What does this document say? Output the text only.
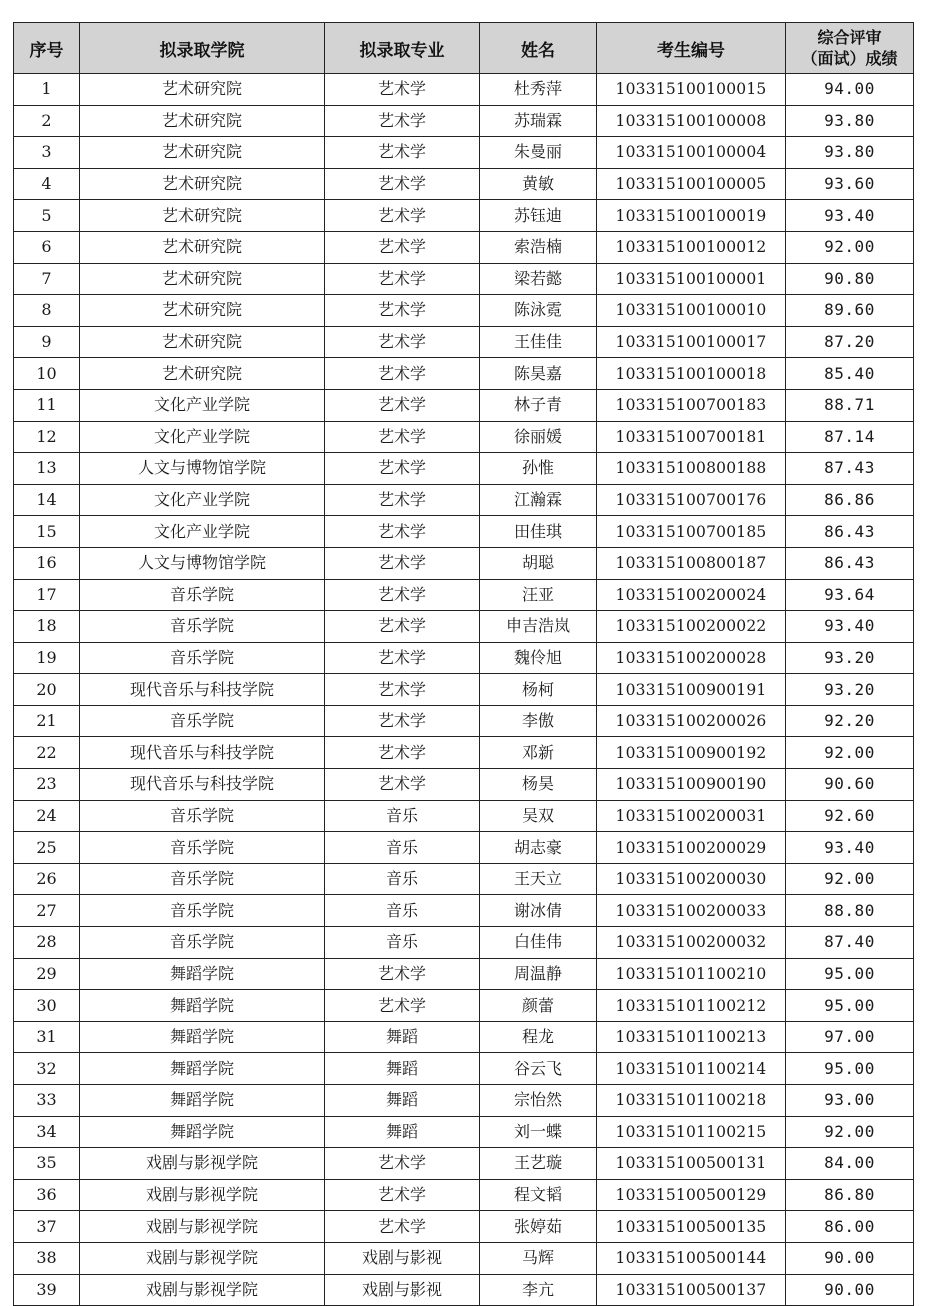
序号	拟录取学院	拟录取专业	姓名	考生编号	综合评审
（面试）成绩

1	艺术研究院	艺术学	杜秀萍	103315100100015	94.00
2	艺术研究院	艺术学	苏瑞霖	103315100100008	93.80
3	艺术研究院	艺术学	朱曼丽	103315100100004	93.80
4	艺术研究院	艺术学	黄敏	103315100100005	93.60
5	艺术研究院	艺术学	苏钰迪	103315100100019	93.40
6	艺术研究院	艺术学	索浩楠	103315100100012	92.00
7	艺术研究院	艺术学	梁若懿	103315100100001	90.80
8	艺术研究院	艺术学	陈泳霓	103315100100010	89.60
9	艺术研究院	艺术学	王佳佳	103315100100017	87.20
10	艺术研究院	艺术学	陈昊嘉	103315100100018	85.40
11	文化产业学院	艺术学	林子青	103315100700183	88.71
12	文化产业学院	艺术学	徐丽媛	103315100700181	87.14
13	人文与博物馆学院	艺术学	孙惟	103315100800188	87.43
14	文化产业学院	艺术学	江瀚霖	103315100700176	86.86
15	文化产业学院	艺术学	田佳琪	103315100700185	86.43
16	人文与博物馆学院	艺术学	胡聪	103315100800187	86.43
17	音乐学院	艺术学	汪亚	103315100200024	93.64
18	音乐学院	艺术学	申吉浩岚	103315100200022	93.40
19	音乐学院	艺术学	魏伶旭	103315100200028	93.20
20	现代音乐与科技学院	艺术学	杨柯	103315100900191	93.20
21	音乐学院	艺术学	李傲	103315100200026	92.20
22	现代音乐与科技学院	艺术学	邓新	103315100900192	92.00
23	现代音乐与科技学院	艺术学	杨昊	103315100900190	90.60
24	音乐学院	音乐	吴双	103315100200031	92.60
25	音乐学院	音乐	胡志豪	103315100200029	93.40
26	音乐学院	音乐	王天立	103315100200030	92.00
27	音乐学院	音乐	谢冰倩	103315100200033	88.80
28	音乐学院	音乐	白佳伟	103315100200032	87.40
29	舞蹈学院	艺术学	周温静	103315101100210	95.00
30	舞蹈学院	艺术学	颜蕾	103315101100212	95.00
31	舞蹈学院	舞蹈	程龙	103315101100213	97.00
32	舞蹈学院	舞蹈	谷云飞	103315101100214	95.00
33	舞蹈学院	舞蹈	宗怡然	103315101100218	93.00
34	舞蹈学院	舞蹈	刘一蝶	103315101100215	92.00
35	戏剧与影视学院	艺术学	王艺璇	103315100500131	84.00
36	戏剧与影视学院	艺术学	程文韬	103315100500129	86.80
37	戏剧与影视学院	艺术学	张婷茹	103315100500135	86.00
38	戏剧与影视学院	戏剧与影视	马辉	103315100500144	90.00
39	戏剧与影视学院	戏剧与影视	李亢	103315100500137	90.00
